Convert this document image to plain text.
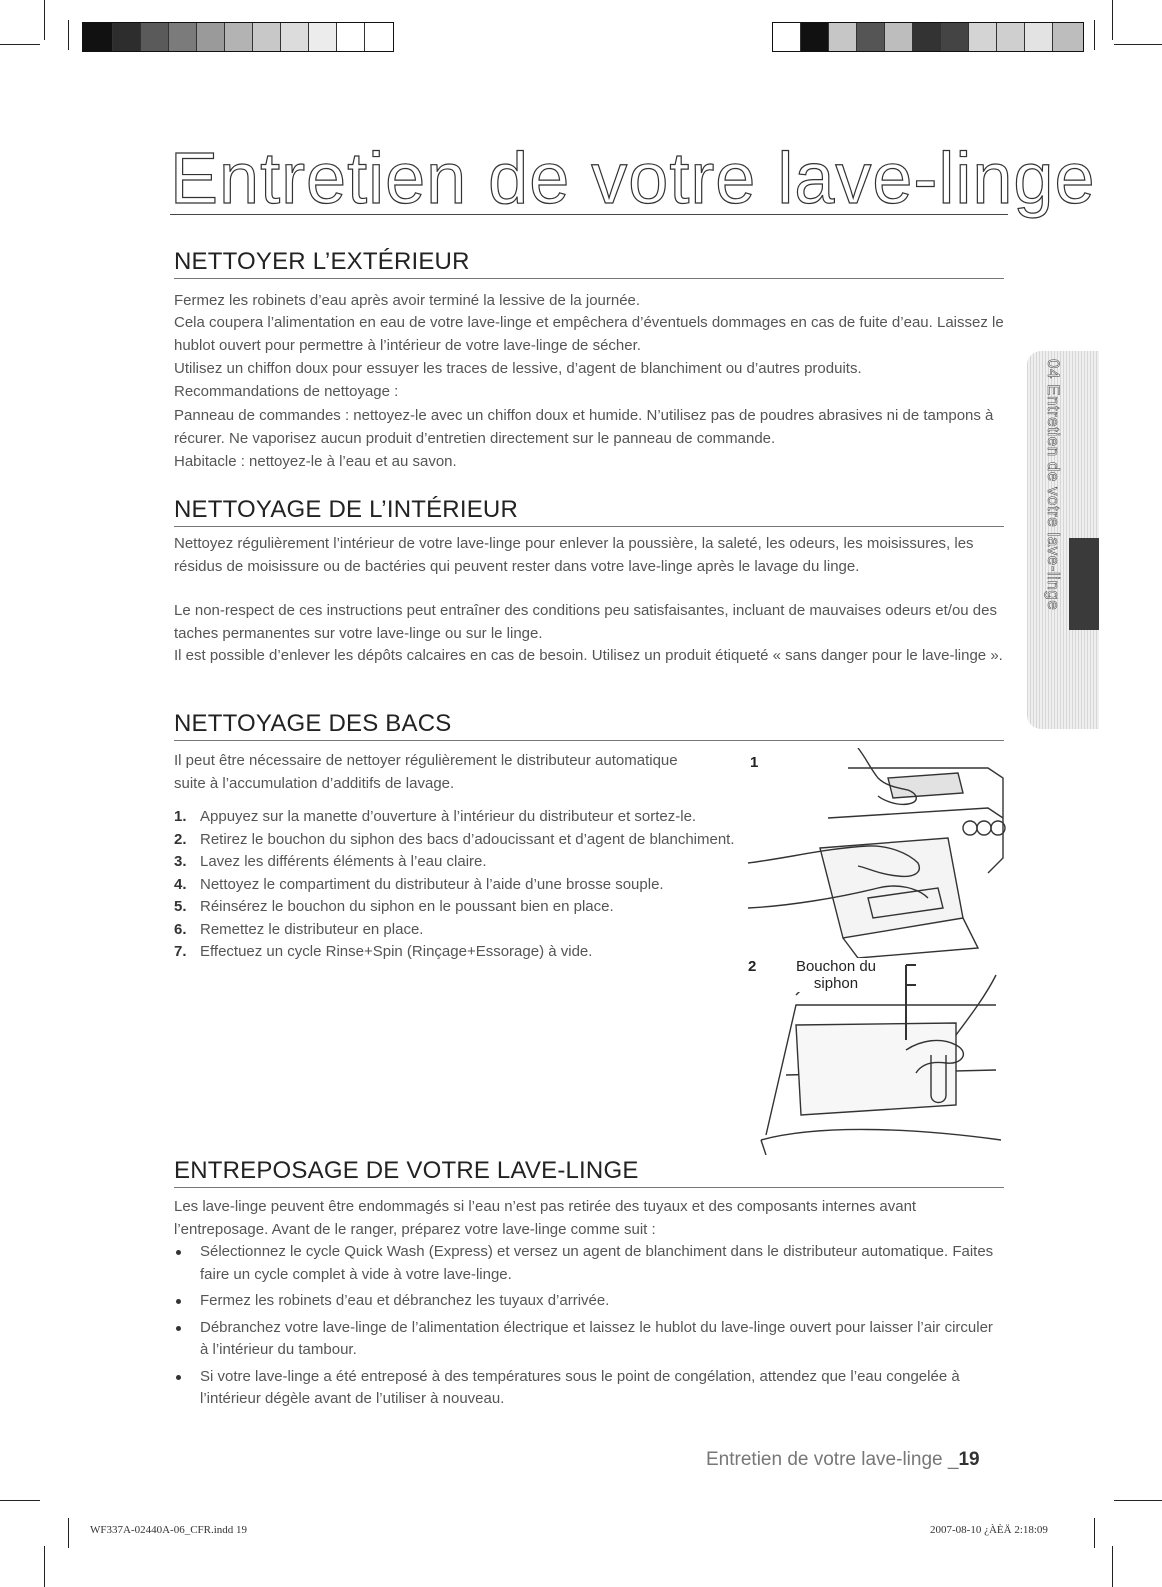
Entretien de votre lave-linge
NETTOYER L’EXTÉRIEUR

Fermez les robinets d’eau après avoir terminé la lessive de la journée.

Cela coupera l’alimentation en eau de votre lave-linge et empêchera d’éventuels dommages en cas de fuite d’eau. Laissez le hublot ouvert pour permettre à l’intérieur de votre lave-linge de sécher.

Utilisez un chiffon doux pour essuyer les traces de lessive, d’agent de blanchiment ou d’autres produits.

Recommandations de nettoyage :

Panneau de commandes : nettoyez-le avec un chiffon doux et humide. N’utilisez pas de poudres abrasives ni de tampons à récurer. Ne vaporisez aucun produit d’entretien directement sur le panneau de commande.

Habitacle : nettoyez-le à l’eau et au savon.

NETTOYAGE DE L’INTÉRIEUR

Nettoyez régulièrement l’intérieur de votre lave-linge pour enlever la poussière, la saleté, les odeurs, les moisissures, les résidus de moisissure ou de bactéries qui peuvent rester dans votre lave-linge après le lavage du linge.

Le non-respect de ces instructions peut entraîner des conditions peu satisfaisantes, incluant de mauvaises odeurs et/ou des taches permanentes sur votre lave-linge ou sur le linge.

Il est possible d’enlever les dépôts calcaires en cas de besoin. Utilisez un produit étiqueté « sans danger pour le lave-linge ».

NETTOYAGE DES BACS

Il peut être nécessaire de nettoyer régulièrement le distributeur automatique suite à l’accumulation d’additifs de lavage.

1. Appuyez sur la manette d’ouverture à l’intérieur du distributeur et sortez-le.
2. Retirez le bouchon du siphon des bacs d’adoucissant et d’agent de blanchiment.
3. Lavez les différents éléments à l’eau claire.
4. Nettoyez le compartiment du distributeur à l’aide d’une brosse souple.
5. Réinsérez le bouchon du siphon en le poussant bien en place.
6. Remettez le distributeur en place.
7. Effectuez un cycle Rinse+Spin (Rinçage+Essorage) à vide.
1
2	Bouchon du siphon
ENTREPOSAGE DE VOTRE LAVE-LINGE

Les lave-linge peuvent être endommagés si l’eau n’est pas retirée des tuyaux et des composants internes avant l’entreposage. Avant de le ranger, préparez votre lave-linge comme suit :

Sélectionnez le cycle Quick Wash (Express) et versez un agent de blanchiment dans le distributeur automatique. Faites faire un cycle complet à vide à votre lave-linge.
Fermez les robinets d’eau et débranchez les tuyaux d’arrivée.
Débranchez votre lave-linge de l’alimentation électrique et laissez le hublot du lave-linge ouvert pour laisser l’air circuler à l’intérieur du tambour.
Si votre lave-linge a été entreposé à des températures sous le point de congélation, attendez que l’eau congelée à l’intérieur dégèle avant de l’utiliser à nouveau.
04 Entretien de votre lave-linge
Entretien de votre lave-linge _19
WF337A-02440A-06_CFR.indd 19	2007-08-10 ¿ÀÈÄ 2:18:09
